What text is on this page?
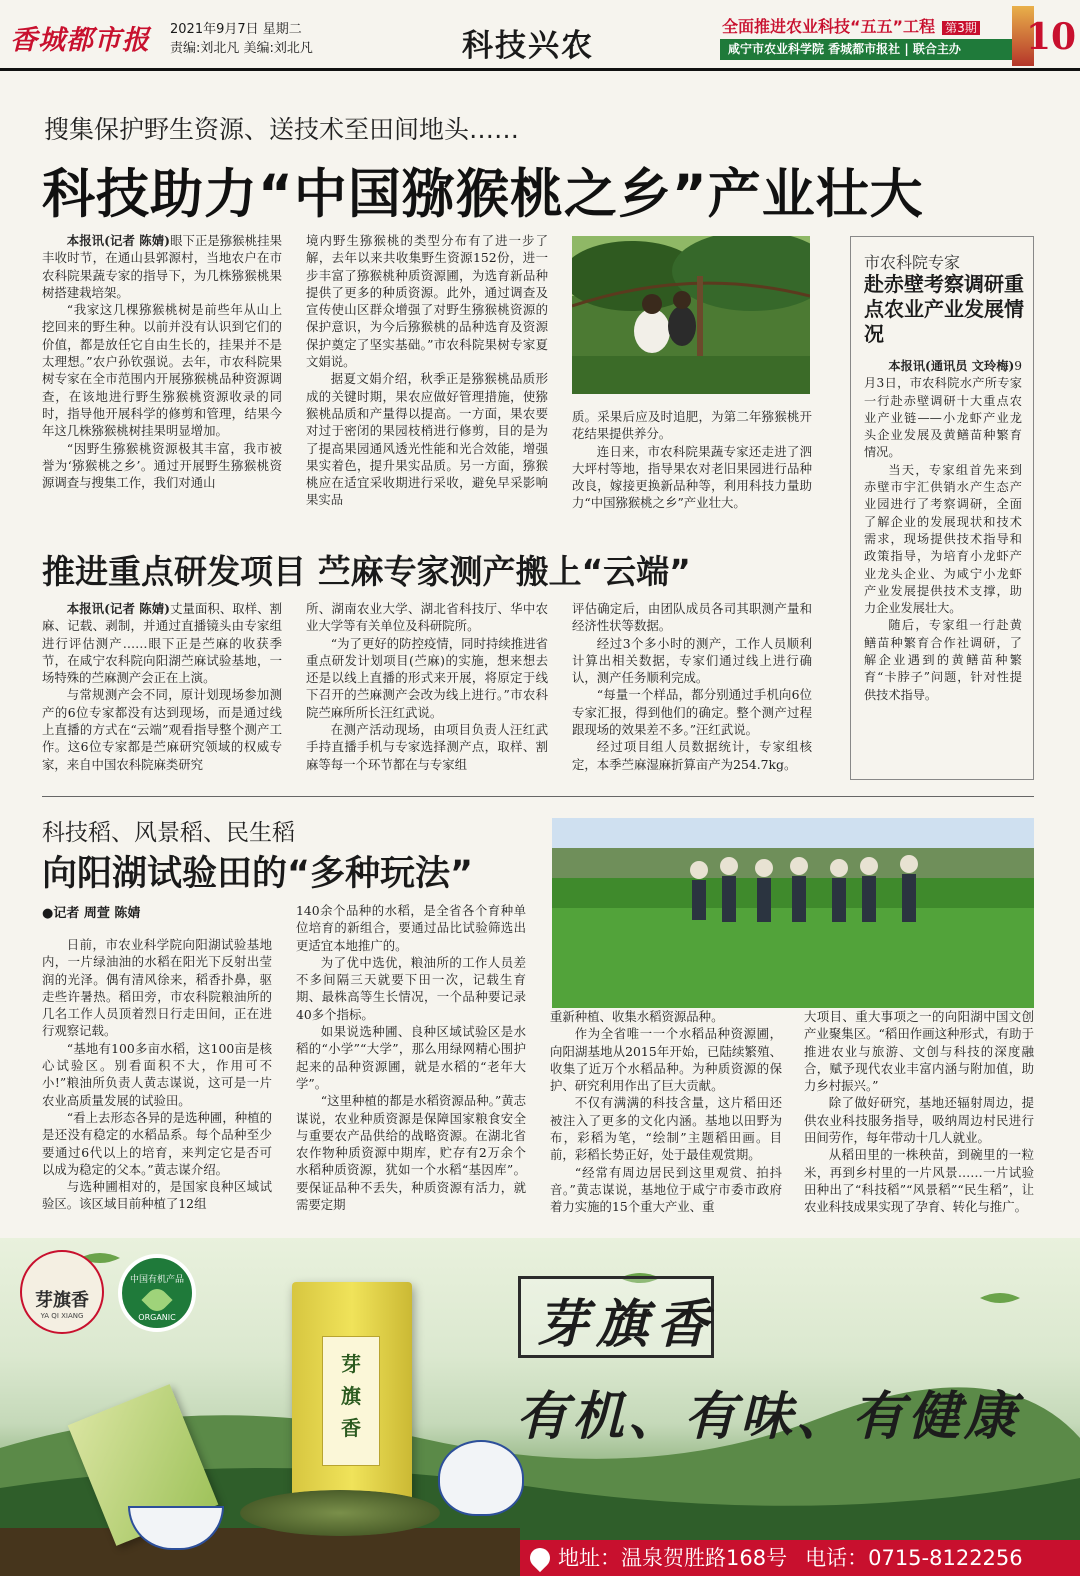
香城都市报 2021年9月7日 星期二
责编:刘北凡 美编:刘北凡	科技兴农
全面推进农业科技“五五”工程 第3期
咸宁市农业科学院 香城都市报社 | 联合主办	10
搜集保护野生资源、送技术至田间地头……
科技助力“中国猕猴桃之乡”产业壮大

本报讯(记者 陈婧)眼下正是猕猴桃挂果丰收时节，在通山县郭源村，当地农户在市农科院果蔬专家的指导下，为几株猕猴桃果树搭建栽培架。

“我家这几棵猕猴桃树是前些年从山上挖回来的野生种。以前并没有认识到它们的价值，都是放任它自由生长的，挂果并不是太理想。”农户孙钦强说。去年，市农科院果树专家在全市范围内开展猕猴桃品种资源调查，在该地进行野生猕猴桃资源收录的同时，指导他开展科学的修剪和管理，结果今年这几株猕猴桃树挂果明显增加。

“因野生猕猴桃资源极其丰富，我市被誉为‘猕猴桃之乡’。通过开展野生猕猴桃资源调查与搜集工作，我们对通山

境内野生猕猴桃的类型分布有了进一步了解，去年以来共收集野生资源152份，进一步丰富了猕猴桃种质资源圃，为选育新品种提供了更多的种质资源。此外，通过调查及宣传使山区群众增强了对野生猕猴桃资源的保护意识，为今后猕猴桃的品种选育及资源保护奠定了坚实基础。”市农科院果树专家夏文娟说。

据夏文娟介绍，秋季正是猕猴桃品质形成的关键时期，果农应做好管理措施，使猕猴桃品质和产量得以提高。一方面，果农要对过于密闭的果园枝梢进行修剪，目的是为了提高果园通风透光性能和光合效能，增强果实着色，提升果实品质。另一方面，猕猴桃应在适宜采收期进行采收，避免早采影响果实品

质。采果后应及时追肥，为第二年猕猴桃开花结果提供养分。

连日来，市农科院果蔬专家还走进了泗大坪村等地，指导果农对老旧果园进行品种改良，嫁接更换新品种等，利用科技力量助力“中国猕猴桃之乡”产业壮大。

市农科院专家
赴赤壁考察调研重点农业产业发展情况

本报讯(通讯员 文玲梅)9月3日，市农科院水产所专家一行赴赤壁调研十大重点农业产业链——小龙虾产业龙头企业发展及黄鳝苗种繁育情况。

当天，专家组首先来到赤壁市宇汇供销水产生态产业园进行了考察调研，全面了解企业的发展现状和技术需求，现场提供技术指导和政策指导，为培育小龙虾产业龙头企业、为咸宁小龙虾产业发展提供技术支撑，助力企业发展壮大。

随后，专家组一行赴黄鳝苗种繁育合作社调研，了解企业遇到的黄鳝苗种繁育“卡脖子”问题，针对性提供技术指导。

推进重点研发项目 苎麻专家测产搬上“云端”

本报讯(记者 陈婧)丈量面积、取样、割麻、记载、剥制，并通过直播镜头由专家组进行评估测产……眼下正是苎麻的收获季节，在咸宁农科院向阳湖苎麻试验基地，一场特殊的苎麻测产会正在上演。

与常规测产会不同，原计划现场参加测产的6位专家都没有达到现场，而是通过线上直播的方式在“云端”观看指导整个测产工作。这6位专家都是苎麻研究领域的权威专家，来自中国农科院麻类研究

所、湖南农业大学、湖北省科技厅、华中农业大学等有关单位及科研院所。

“为了更好的防控疫情，同时持续推进省重点研发计划项目(苎麻)的实施，想来想去还是以线上直播的形式来开展，将原定于线下召开的苎麻测产会改为线上进行。”市农科院苎麻所所长汪红武说。

在测产活动现场，由项目负责人汪红武手持直播手机与专家选择测产点，取样、割麻等每一个环节都在与专家组

评估确定后，由团队成员各司其职测产量和经济性状等数据。

经过3个多小时的测产，工作人员顺利计算出相关数据，专家们通过线上进行确认，测产任务顺利完成。

“每量一个样品，都分别通过手机向6位专家汇报，得到他们的确定。整个测产过程跟现场的效果差不多。”汪红武说。

经过项目组人员数据统计，专家组核定，本季苎麻湿麻折算亩产为254.7kg。

科技稻、风景稻、民生稻
向阳湖试验田的“多种玩法”
●记者 周萱 陈婧

日前，市农业科学院向阳湖试验基地内，一片绿油油的水稻在阳光下反射出莹润的光泽。偶有清风徐来，稻香扑鼻，驱走些许暑热。稻田旁，市农科院粮油所的几名工作人员顶着烈日行走田间，正在进行观察记载。

“基地有100多亩水稻，这100亩是核心试验区。别看面积不大，作用可不小!”粮油所负责人黄志谋说，这可是一片农业高质量发展的试验田。

“看上去形态各异的是选种圃，种植的是还没有稳定的水稻品系。每个品种至少要通过6代以上的培育，来判定它是否可以成为稳定的父本。”黄志谋介绍。

与选种圃相对的，是国家良种区域试验区。该区域目前种植了12组

140余个品种的水稻，是全省各个育种单位培育的新组合，要通过品比试验筛选出更适宜本地推广的。

为了优中选优，粮油所的工作人员差不多间隔三天就要下田一次，记载生育期、最株高等生长情况，一个品种要记录40多个指标。

如果说选种圃、良种区域试验区是水稻的“小学”“大学”，那么用绿网精心围护起来的品种资源圃，就是水稻的“老年大学”。

“这里种植的都是水稻资源品种。”黄志谋说，农业种质资源是保障国家粮食安全与重要农产品供给的战略资源。在湖北省农作物种质资源中期库，贮存有2万余个水稻种质资源，犹如一个水稻“基因库”。要保证品种不丢失，种质资源有活力，就需要定期

重新种植、收集水稻资源品种。

作为全省唯一一个水稻品种资源圃，向阳湖基地从2015年开始，已陆续繁殖、收集了近万个水稻品种。为种质资源的保护、研究利用作出了巨大贡献。

不仅有满满的科技含量，这片稻田还被注入了更多的文化内涵。基地以田野为布，彩稻为笔，“绘制”主题稻田画。目前，彩稻长势正好，处于最佳观赏期。

“经常有周边居民到这里观赏、拍抖音。”黄志谋说，基地位于咸宁市委市政府着力实施的15个重大产业、重

大项目、重大事项之一的向阳湖中国文创产业聚集区。“稻田作画这种形式，有助于推进农业与旅游、文创与科技的深度融合，赋予现代农业丰富内涵与附加值，助力乡村振兴。”

除了做好研究，基地还辐射周边，提供农业科技服务指导，吸纳周边村民进行田间劳作，每年带动十几人就业。

从稻田里的一株秧苗，到碗里的一粒米，再到乡村里的一片风景……一片试验田种出了“科技稻”“风景稻”“民生稻”，让农业科技成果实现了孕育、转化与推广。

芽旗香
YA QI XIANG
中国有机产品
ORGANIC
芽旗香
芽旗香
有机、有味、有健康
地址：温泉贺胜路168号 电话：0715-8122256
